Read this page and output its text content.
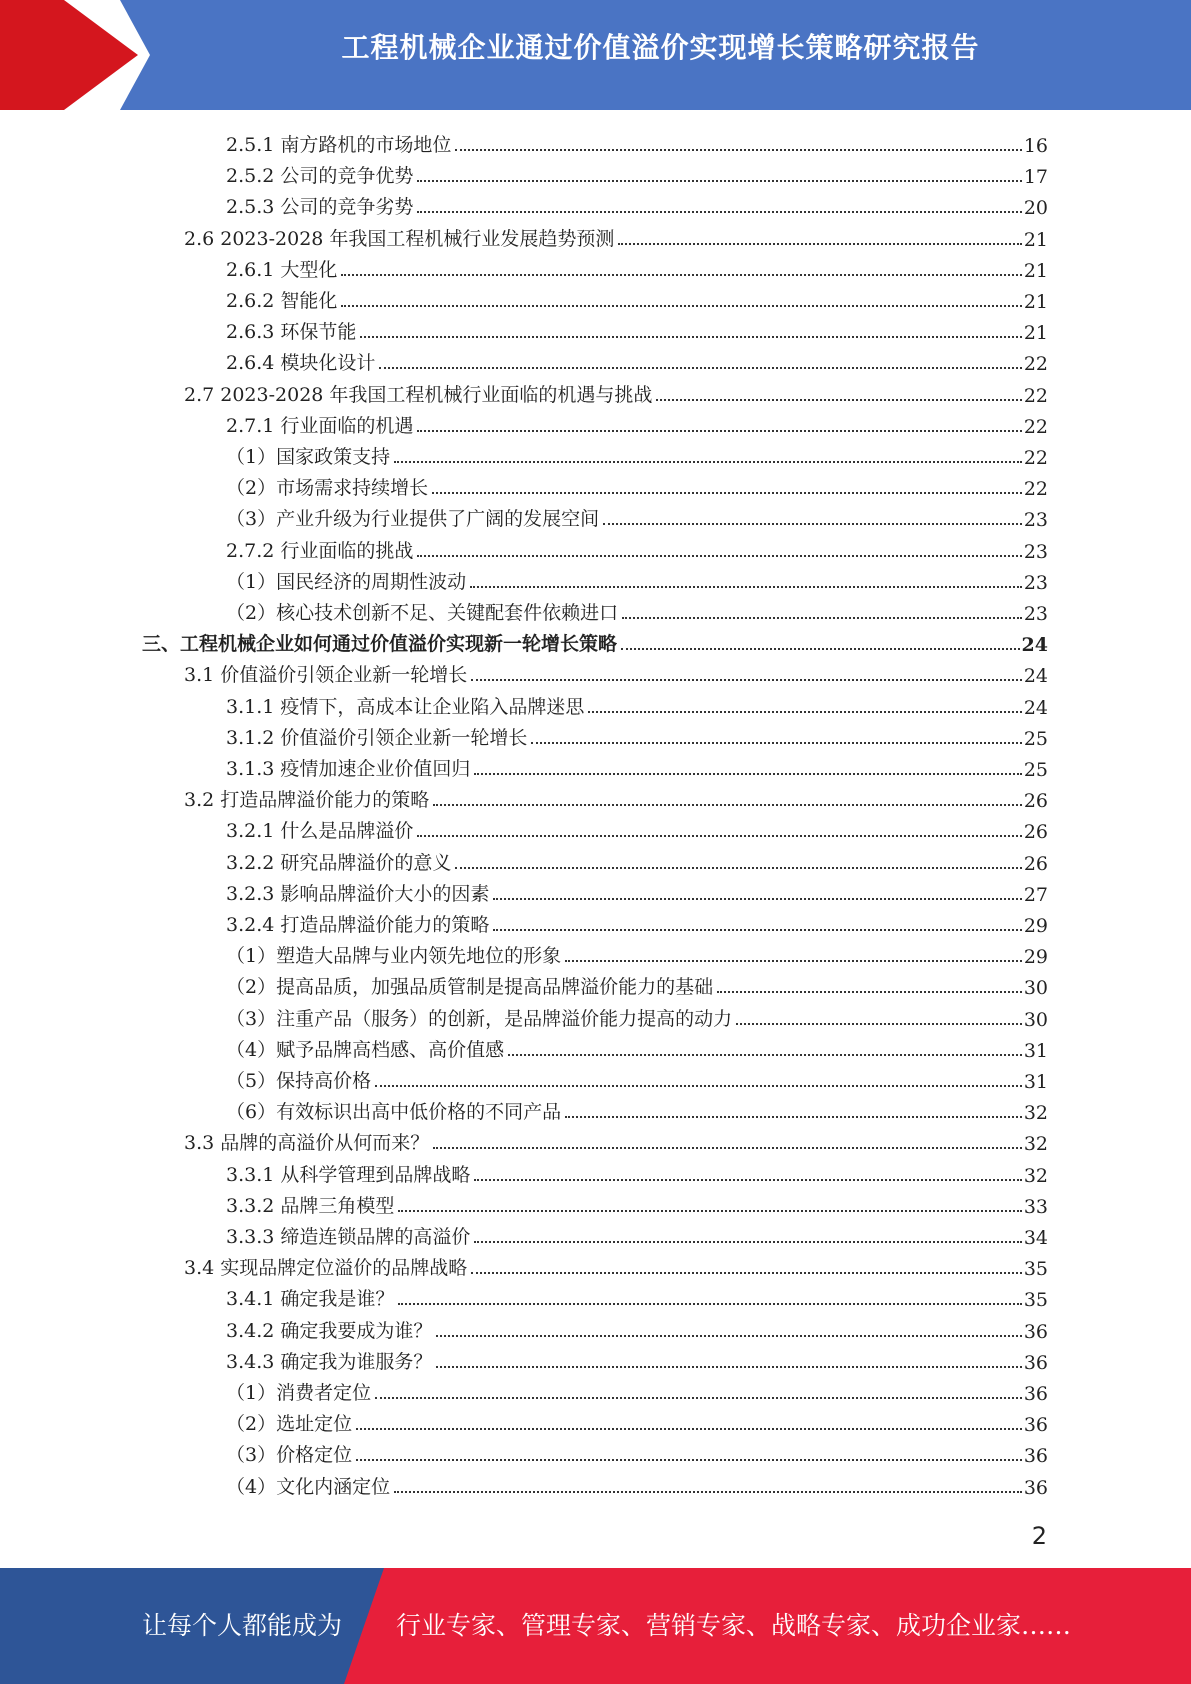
工程机械企业通过价值溢价实现增长策略研究报告
2.5.1 南方路机的市场地位	16
2.5.2 公司的竞争优势	17
2.5.3 公司的竞争劣势	20
2.6 2023-2028 年我国工程机械行业发展趋势预测	21
2.6.1 大型化	21
2.6.2 智能化	21
2.6.3 环保节能	21
2.6.4 模块化设计	22
2.7 2023-2028 年我国工程机械行业面临的机遇与挑战	22
2.7.1 行业面临的机遇	22
（1）国家政策支持	22
（2）市场需求持续增长	22
（3）产业升级为行业提供了广阔的发展空间	23
2.7.2 行业面临的挑战	23
（1）国民经济的周期性波动	23
（2）核心技术创新不足、关键配套件依赖进口	23
三、工程机械企业如何通过价值溢价实现新一轮增长策略	24
3.1 价值溢价引领企业新一轮增长	24
3.1.1 疫情下，高成本让企业陷入品牌迷思	24
3.1.2 价值溢价引领企业新一轮增长	25
3.1.3 疫情加速企业价值回归	25
3.2 打造品牌溢价能力的策略	26
3.2.1 什么是品牌溢价	26
3.2.2 研究品牌溢价的意义	26
3.2.3 影响品牌溢价大小的因素	27
3.2.4 打造品牌溢价能力的策略	29
（1）塑造大品牌与业内领先地位的形象	29
（2）提高品质，加强品质管制是提高品牌溢价能力的基础	30
（3）注重产品（服务）的创新，是品牌溢价能力提高的动力	30
（4）赋予品牌高档感、高价值感	31
（5）保持高价格	31
（6）有效标识出高中低价格的不同产品	32
3.3 品牌的高溢价从何而来？	32
3.3.1 从科学管理到品牌战略	32
3.3.2 品牌三角模型	33
3.3.3 缔造连锁品牌的高溢价	34
3.4 实现品牌定位溢价的品牌战略	35
3.4.1 确定我是谁？	35
3.4.2 确定我要成为谁？	36
3.4.3 确定我为谁服务？	36
（1）消费者定位	36
（2）选址定位	36
（3）价格定位	36
（4）文化内涵定位	36
2
让每个人都能成为 行业专家、管理专家、营销专家、战略专家、成功企业家……
